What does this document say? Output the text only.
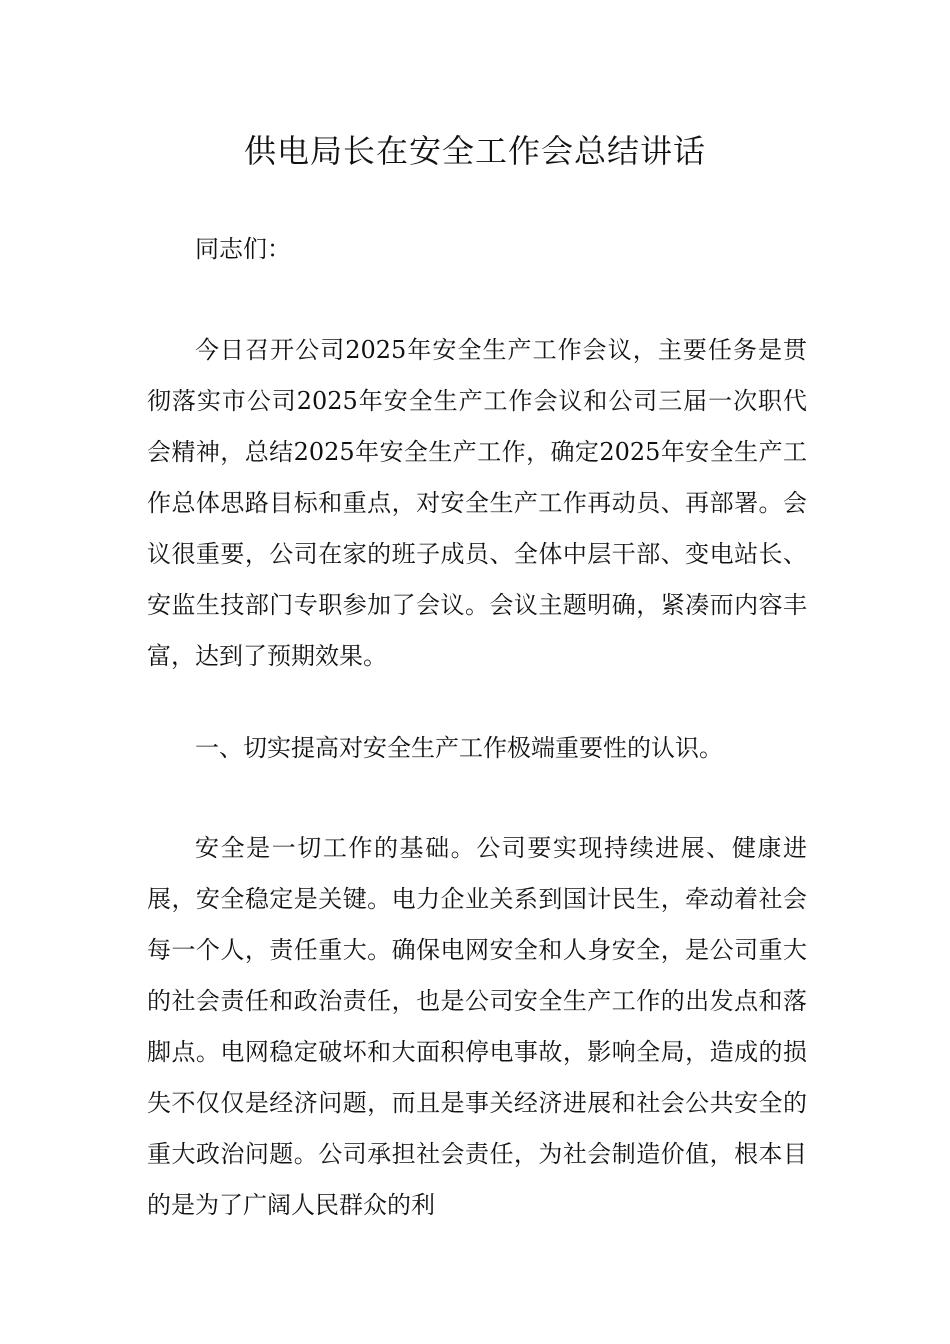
供电局长在安全工作会总结讲话

同志们：

今日召开公司2025年安全生产工作会议，主要任务是贯彻落实市公司2025年安全生产工作会议和公司三届一次职代会精神，总结2025年安全生产工作，确定2025年安全生产工作总体思路目标和重点，对安全生产工作再动员、再部署。会议很重要，公司在家的班子成员、全体中层干部、变电站长、安监生技部门专职参加了会议。会议主题明确，紧凑而内容丰富，达到了预期效果。

一、切实提高对安全生产工作极端重要性的认识。

安全是一切工作的基础。公司要实现持续进展、健康进展，安全稳定是关键。电力企业关系到国计民生，牵动着社会每一个人，责任重大。确保电网安全和人身安全，是公司重大的社会责任和政治责任，也是公司安全生产工作的出发点和落脚点。电网稳定破坏和大面积停电事故，影响全局，造成的损失不仅仅是经济问题，而且是事关经济进展和社会公共安全的重大政治问题。公司承担社会责任，为社会制造价值，根本目的是为了广阔人民群众的利
